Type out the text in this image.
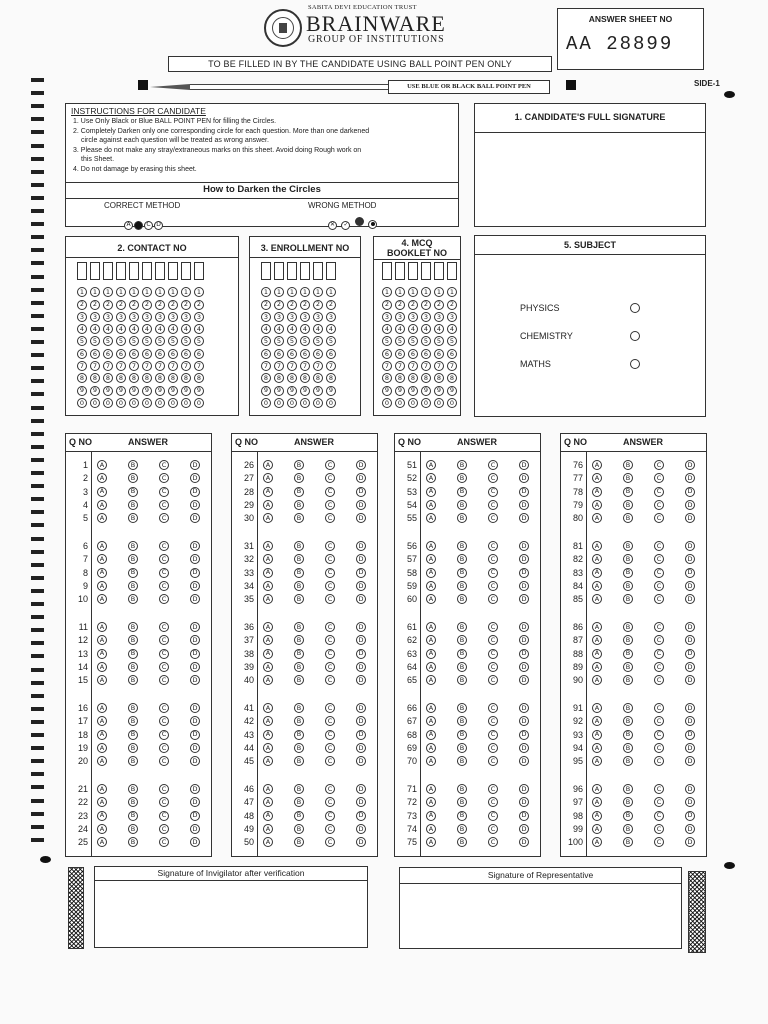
SABITA DEVI EDUCATION TRUST
BRAINWARE
GROUP OF INSTITUTIONS
ANSWER SHEET NO
AA 28899
TO BE FILLED IN BY THE CANDIDATE USING BALL POINT PEN ONLY
USE BLUE OR BLACK BALL POINT PEN	SIDE-1
INSTRUCTIONS FOR CANDIDATE
1. Use Only Black or Blue BALL POINT PEN for filling the Circles.
2. Completely Darken only one corresponding circle for each question. More than one darkened
circle against each question will be treated as wrong answer.
3. Please do not make any stray/extraneous marks on this sheet. Avoid doing Rough work on
this Sheet.
4. Do not damage by erasing this sheet.
How to Darken the Circles
CORRECT METHOD
A B C D
WRONG METHOD
✕ ✓
1. CANDIDATE'S FULL SIGNATURE
2. CONTACT NO
1
2
3
4
5
6
7
8
9
0
1
2
3
4
5
6
7
8
9
0
1
2
3
4
5
6
7
8
9
0
1
2
3
4
5
6
7
8
9
0
1
2
3
4
5
6
7
8
9
0
1
2
3
4
5
6
7
8
9
0
1
2
3
4
5
6
7
8
9
0
1
2
3
4
5
6
7
8
9
0
1
2
3
4
5
6
7
8
9
0
1
2
3
4
5
6
7
8
9
0
3. ENROLLMENT NO
1
2
3
4
5
6
7
8
9
0
1
2
3
4
5
6
7
8
9
0
1
2
3
4
5
6
7
8
9
0
1
2
3
4
5
6
7
8
9
0
1
2
3
4
5
6
7
8
9
0
1
2
3
4
5
6
7
8
9
0
4. MCQ
BOOKLET NO
1
2
3
4
5
6
7
8
9
0
1
2
3
4
5
6
7
8
9
0
1
2
3
4
5
6
7
8
9
0
1
2
3
4
5
6
7
8
9
0
1
2
3
4
5
6
7
8
9
0
1
2
3
4
5
6
7
8
9
0
5. SUBJECT
PHYSICS
CHEMISTRY
MATHS
Q NO	ANSWER
1	A	B	C	D
2	A	B	C	D
3	A	B	C	D
4	A	B	C	D
5	A	B	C	D
6	A	B	C	D
7	A	B	C	D
8	A	B	C	D
9	A	B	C	D
10	A	B	C	D
11	A	B	C	D
12	A	B	C	D
13	A	B	C	D
14	A	B	C	D
15	A	B	C	D
16	A	B	C	D
17	A	B	C	D
18	A	B	C	D
19	A	B	C	D
20	A	B	C	D
21	A	B	C	D
22	A	B	C	D
23	A	B	C	D
24	A	B	C	D
25	A	B	C	D
Q NO	ANSWER
26	A	B	C	D
27	A	B	C	D
28	A	B	C	D
29	A	B	C	D
30	A	B	C	D
31	A	B	C	D
32	A	B	C	D
33	A	B	C	D
34	A	B	C	D
35	A	B	C	D
36	A	B	C	D
37	A	B	C	D
38	A	B	C	D
39	A	B	C	D
40	A	B	C	D
41	A	B	C	D
42	A	B	C	D
43	A	B	C	D
44	A	B	C	D
45	A	B	C	D
46	A	B	C	D
47	A	B	C	D
48	A	B	C	D
49	A	B	C	D
50	A	B	C	D
Q NO	ANSWER
51	A	B	C	D
52	A	B	C	D
53	A	B	C	D
54	A	B	C	D
55	A	B	C	D
56	A	B	C	D
57	A	B	C	D
58	A	B	C	D
59	A	B	C	D
60	A	B	C	D
61	A	B	C	D
62	A	B	C	D
63	A	B	C	D
64	A	B	C	D
65	A	B	C	D
66	A	B	C	D
67	A	B	C	D
68	A	B	C	D
69	A	B	C	D
70	A	B	C	D
71	A	B	C	D
72	A	B	C	D
73	A	B	C	D
74	A	B	C	D
75	A	B	C	D
Q NO	ANSWER
76	A	B	C	D
77	A	B	C	D
78	A	B	C	D
79	A	B	C	D
80	A	B	C	D
81	A	B	C	D
82	A	B	C	D
83	A	B	C	D
84	A	B	C	D
85	A	B	C	D
86	A	B	C	D
87	A	B	C	D
88	A	B	C	D
89	A	B	C	D
90	A	B	C	D
91	A	B	C	D
92	A	B	C	D
93	A	B	C	D
94	A	B	C	D
95	A	B	C	D
96	A	B	C	D
97	A	B	C	D
98	A	B	C	D
99	A	B	C	D
100	A	B	C	D
Signature of Invigilator after verification	Signature of Representative
